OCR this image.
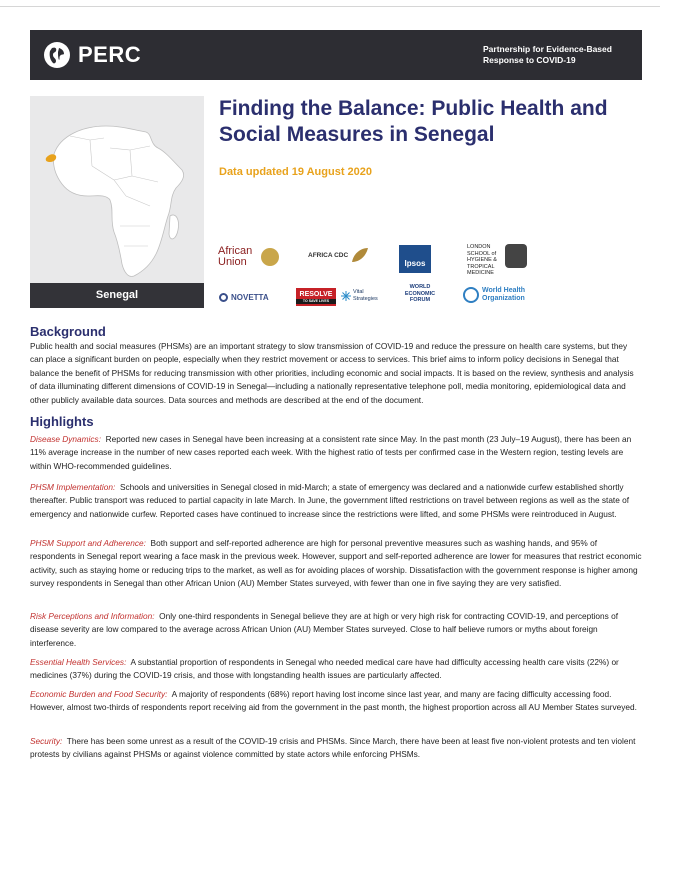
PERC	Partnership for Evidence-Based Response to COVID-19
Senegal
Finding the Balance: Public Health and Social Measures in Senegal
Data updated 19 August 2020
African Union
AFRICA CDC
Ipsos
LONDON SCHOOL of HYGIENE & TROPICAL MEDICINE
NOVETTA	RESOLVE
TO SAVE LIVES
Vital Strategies
WORLD ECONOMIC FORUM
World Health Organization
Background
Public health and social measures (PHSMs) are an important strategy to slow transmission of COVID-19 and reduce the pressure on health care systems, but they can place a significant burden on people, especially when they restrict movement or access to services. This brief aims to inform policy decisions in Senegal that balance the benefit of PHSMs for reducing transmission with other priorities, including economic and social impacts. It is based on the review, synthesis and analysis of data illuminating different dimensions of COVID-19 in Senegal—including a nationally representative telephone poll, media monitoring, epidemiological data and other publicly available data sources. Data sources and methods are described at the end of the document.
Highlights
Disease Dynamics: Reported new cases in Senegal have been increasing at a consistent rate since May. In the past month (23 July–19 August), there has been an 11% average increase in the number of new cases reported each week. With the highest ratio of tests per confirmed case in the Western region, testing levels are within WHO-recommended guidelines.
PHSM Implementation: Schools and universities in Senegal closed in mid-March; a state of emergency was declared and a nationwide curfew established shortly thereafter. Public transport was reduced to partial capacity in late March. In June, the government lifted restrictions on travel between regions as well as the state of emergency and nationwide curfew. Reported cases have continued to increase since the restrictions were lifted, and some PHSMs were reintroduced in August.
PHSM Support and Adherence: Both support and self-reported adherence are high for personal preventive measures such as washing hands, and 95% of respondents in Senegal report wearing a face mask in the previous week. However, support and self-reported adherence are lower for measures that restrict economic activity, such as staying home or reducing trips to the market, as well as for avoiding places of worship. Dissatisfaction with the government response is higher among survey respondents in Senegal than other African Union (AU) Member States surveyed, with fewer than one in five saying they are very satisfied.
Risk Perceptions and Information: Only one-third respondents in Senegal believe they are at high or very high risk for contracting COVID-19, and perceptions of disease severity are low compared to the average across African Union (AU) Member States surveyed. Close to half believe rumors or myths about foreign interference.
Essential Health Services: A substantial proportion of respondents in Senegal who needed medical care have had difficulty accessing health care visits (22%) or medicines (37%) during the COVID-19 crisis, and those with longstanding health issues are particularly affected.
Economic Burden and Food Security: A majority of respondents (68%) report having lost income since last year, and many are facing difficulty accessing food. However, almost two-thirds of respondents report receiving aid from the government in the past month, the highest proportion across all AU Member States surveyed.
Security: There has been some unrest as a result of the COVID-19 crisis and PHSMs. Since March, there have been at least five non-violent protests and ten violent protests by civilians against PHSMs or against violence committed by state actors while enforcing PHSMs.
